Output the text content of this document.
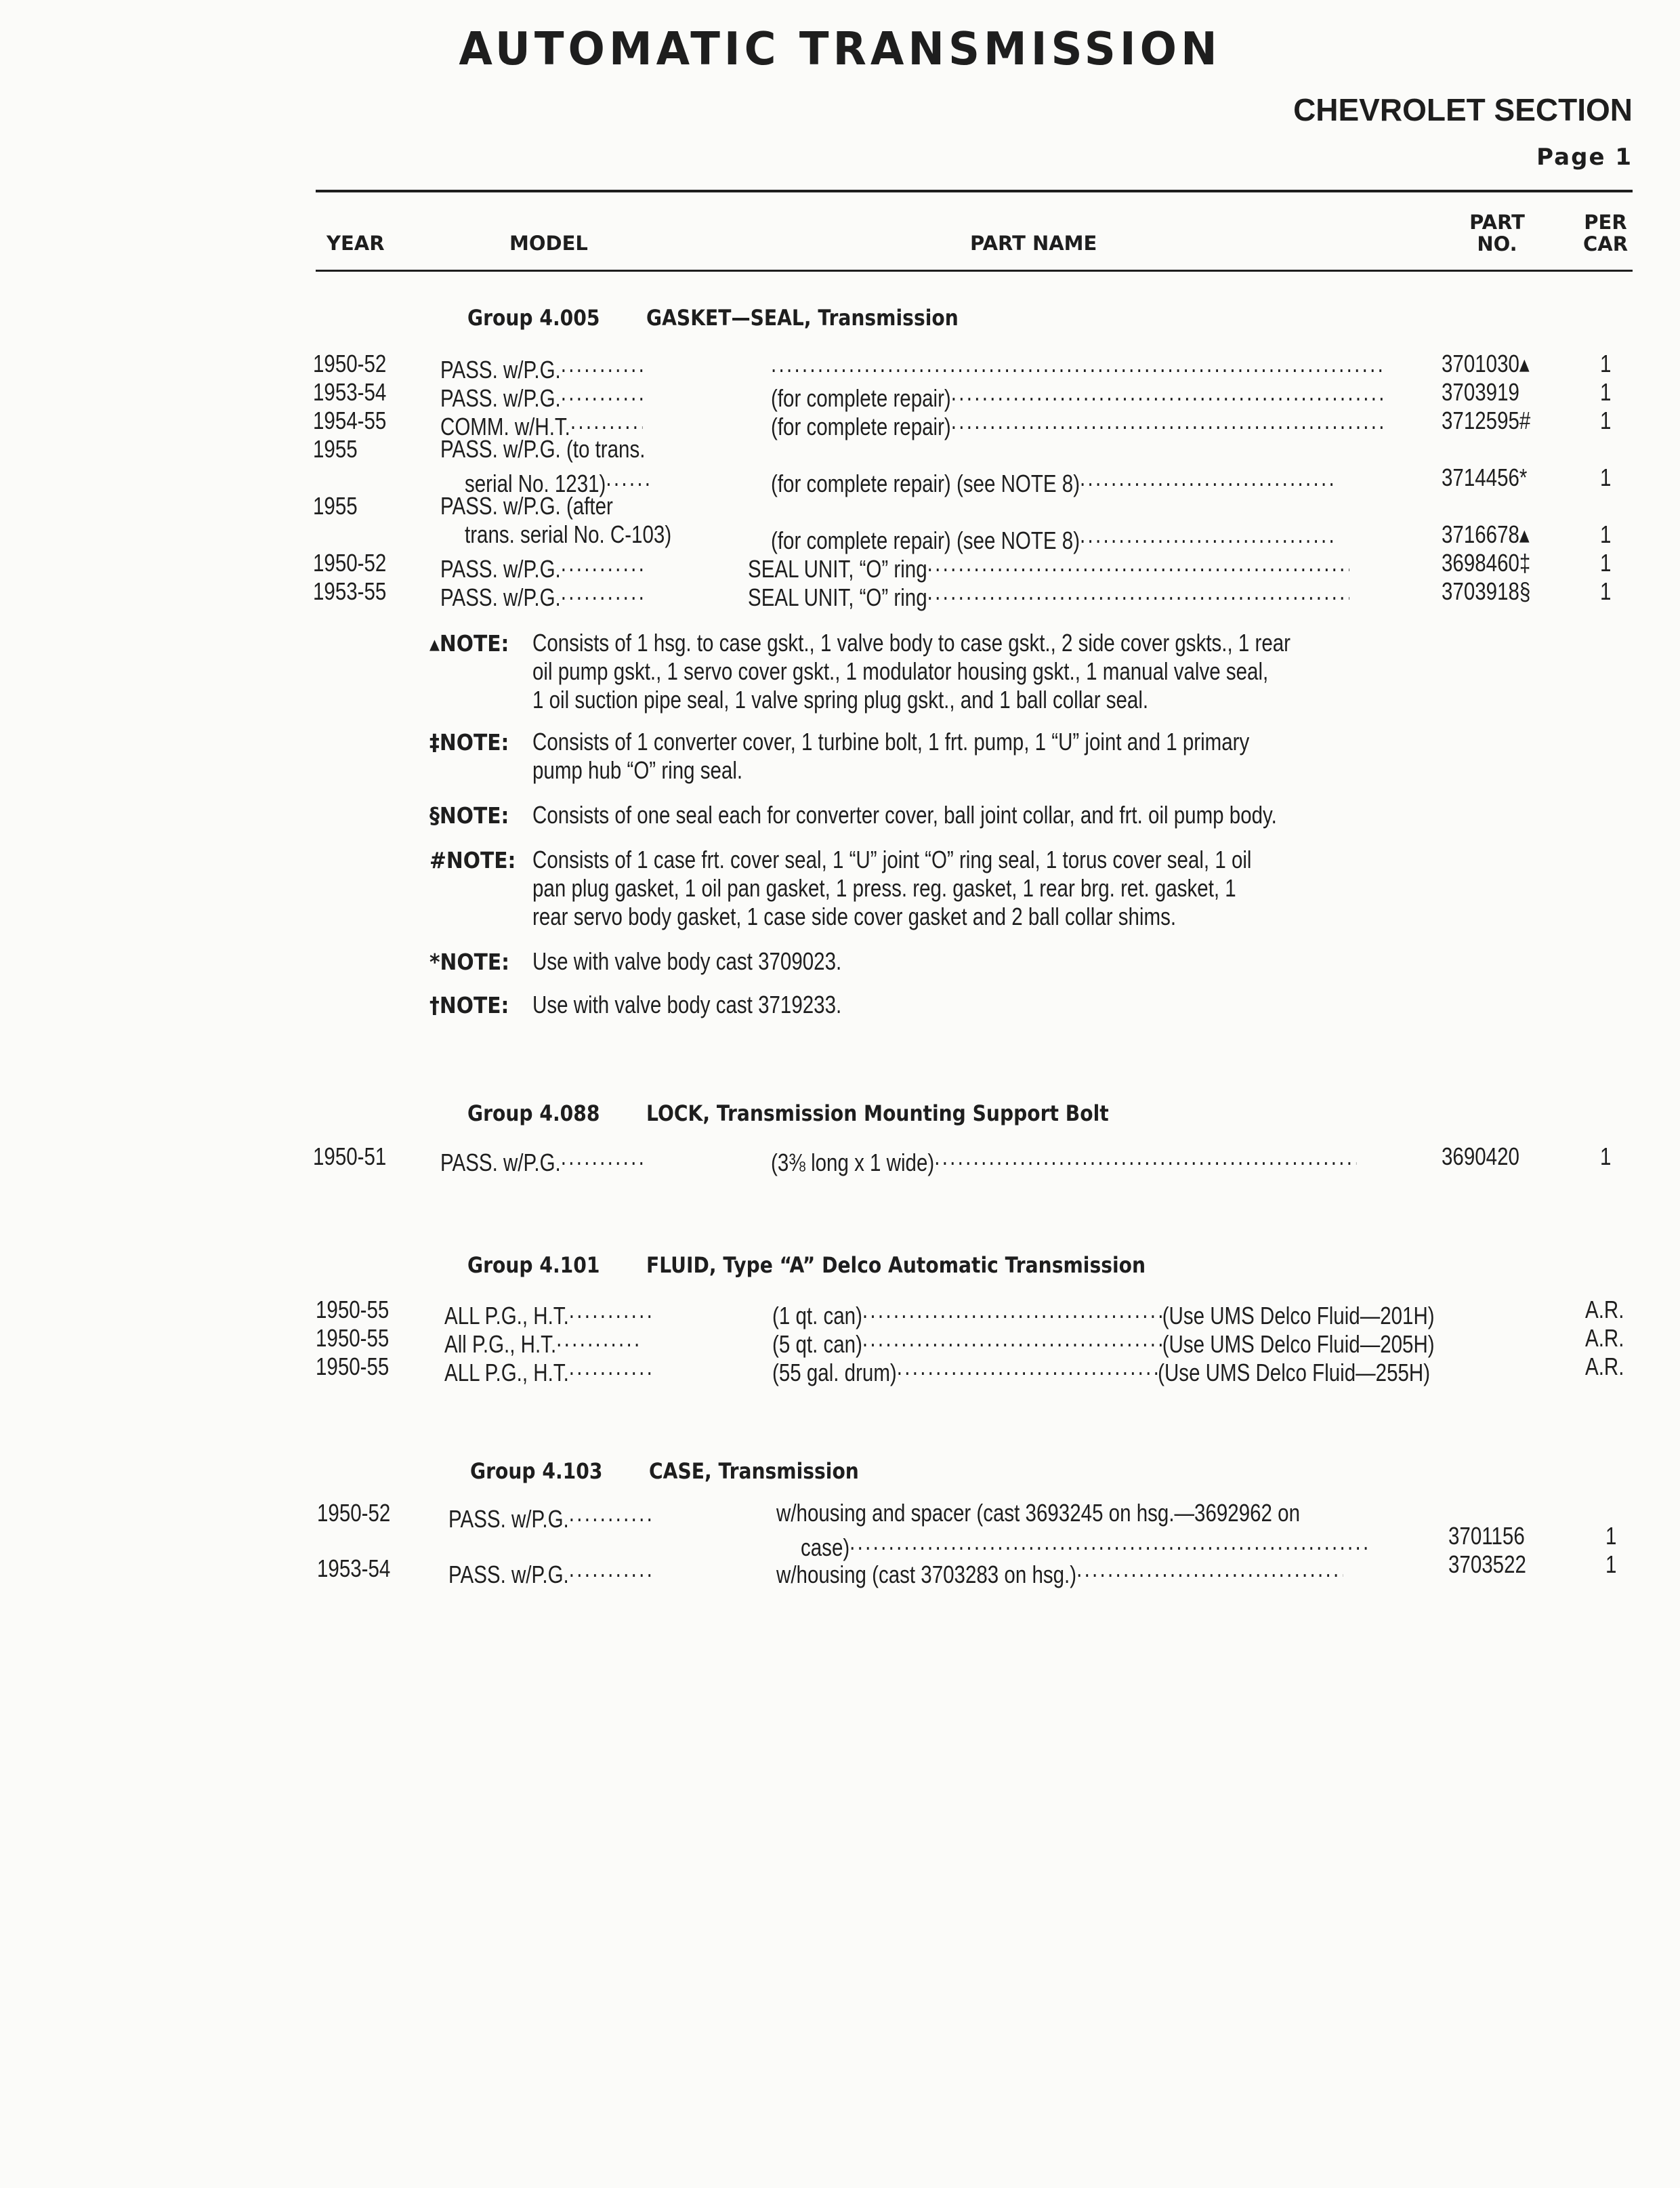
AUTOMATIC TRANSMISSION
CHEVROLET SECTION
Page 1
YEAR	MODEL	PART NAME
PART
NO.
PER
CAR
Group 4.005 GASKET—SEAL, Transmission
1950-52 PASS. w/P.G. ..... .....	3701030▴	1
1953-54 PASS. w/P.G. .....	(for complete repair) .....	3703919	1
1954-55 COMM. w/H.T. .....	(for complete repair) .....	3712595#	1
1955	PASS. w/P.G. (to trans.
serial No. 1231) .....	(for complete repair) (see NOTE 8) .....	3714456*	1
1955	PASS. w/P.G. (after
trans. serial No. C-103)	(for complete repair) (see NOTE 8) .....	3716678▴	1
1950-52 PASS. w/P.G. .....	SEAL UNIT, “O” ring .....	3698460‡	1
1953-55 PASS. w/P.G. .....	SEAL UNIT, “O” ring .....	3703918§	1
▴NOTE: Consists of 1 hsg. to case gskt., 1 valve body to case gskt., 2 side cover gskts., 1 rear
oil pump gskt., 1 servo cover gskt., 1 modulator housing gskt., 1 manual valve seal,
1 oil suction pipe seal, 1 valve spring plug gskt., and 1 ball collar seal.
‡NOTE: Consists of 1 converter cover, 1 turbine bolt, 1 frt. pump, 1 “U” joint and 1 primary
pump hub “O” ring seal.
§NOTE: Consists of one seal each for converter cover, ball joint collar, and frt. oil pump body.
#NOTE: Consists of 1 case frt. cover seal, 1 “U” joint “O” ring seal, 1 torus cover seal, 1 oil
pan plug gasket, 1 oil pan gasket, 1 press. reg. gasket, 1 rear brg. ret. gasket, 1
rear servo body gasket, 1 case side cover gasket and 2 ball collar shims.
*NOTE: Use with valve body cast 3709023.
†NOTE: Use with valve body cast 3719233.
Group 4.088 LOCK, Transmission Mounting Support Bolt
1950-51 PASS. w/P.G. .....	(3⅜ long x 1 wide) .....	3690420	1
Group 4.101 FLUID, Type “A” Delco Automatic Transmission
1950-55 ALL P.G., H.T. .....	(1 qt. can) .....	(Use UMS Delco Fluid—201H)	A.R.
1950-55 All P.G., H.T. .....	(5 qt. can) .....	(Use UMS Delco Fluid—205H)	A.R.
1950-55 ALL P.G., H.T. .....	(55 gal. drum) .....	(Use UMS Delco Fluid—255H)	A.R.
Group 4.103 CASE, Transmission
1950-52 PASS. w/P.G. .....	w/housing and spacer (cast 3693245 on hsg.—3692962 on
case) .....	3701156	1
1953-54 PASS. w/P.G. .....	w/housing (cast 3703283 on hsg.) .....	3703522	1
